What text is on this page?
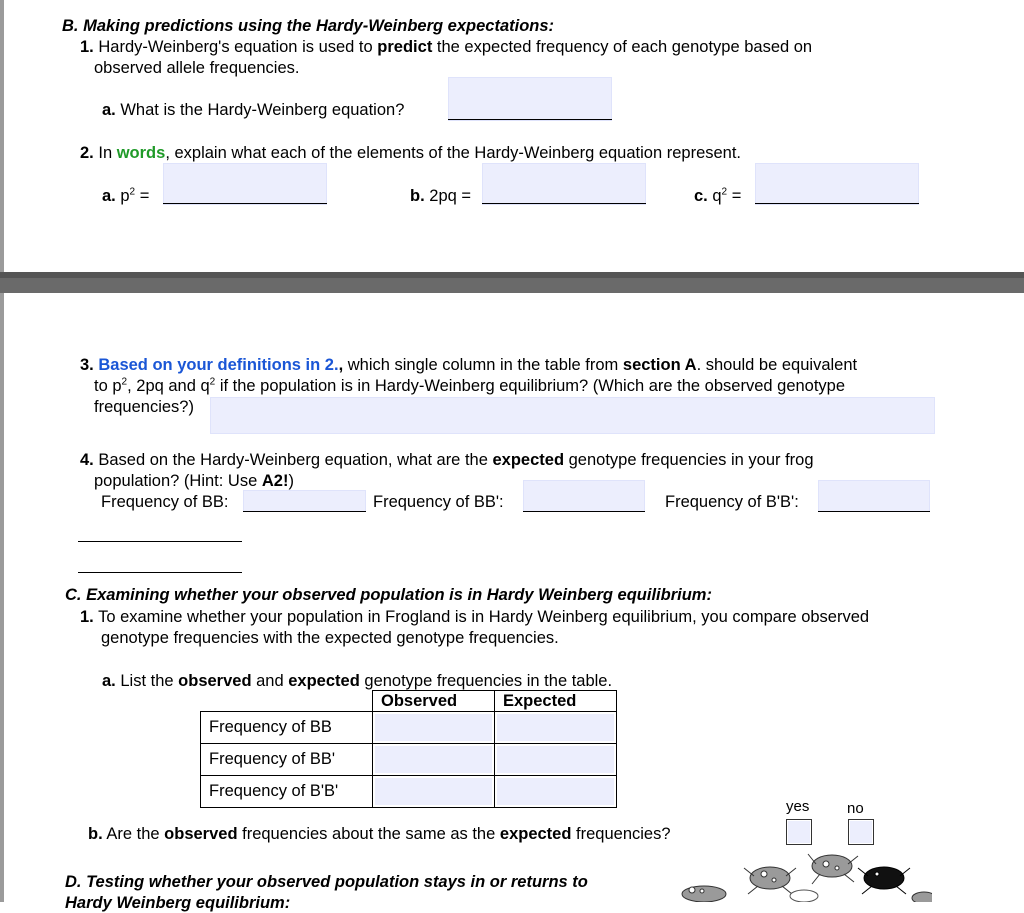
B. Making predictions using the Hardy-Weinberg expectations:
1. Hardy-Weinberg's equation is used to predict the expected frequency of each genotype based on
observed allele frequencies.
a. What is the Hardy-Weinberg equation?
2. In words, explain what each of the elements of the Hardy-Weinberg equation represent.
a. $p^2$ =	b. 2pq =	c. $q^2$ =
3. Based on your definitions in 2., which single column in the table from section A. should be equivalent
to $p^2$, 2pq and $q^2$ if the population is in Hardy-Weinberg equilibrium? (Which are the observed genotype
frequencies?)
4. Based on the Hardy-Weinberg equation, what are the expected genotype frequencies in your frog
population? (Hint: Use A2!)
Frequency of BB:	Frequency of BB':	Frequency of B'B':
C. Examining whether your observed population is in Hardy Weinberg equilibrium:
1. To examine whether your population in Frogland is in Hardy Weinberg equilibrium, you compare observed
genotype frequencies with the expected genotype frequencies.
a. List the observed and expected genotype frequencies in the table.
	Observed	Expected
Frequency of BB	

Frequency of BB'	

Frequency of B'B'	

yes	no
b. Are the observed frequencies about the same as the expected frequencies?
D. Testing whether your observed population stays in or returns to
Hardy Weinberg equilibrium:
